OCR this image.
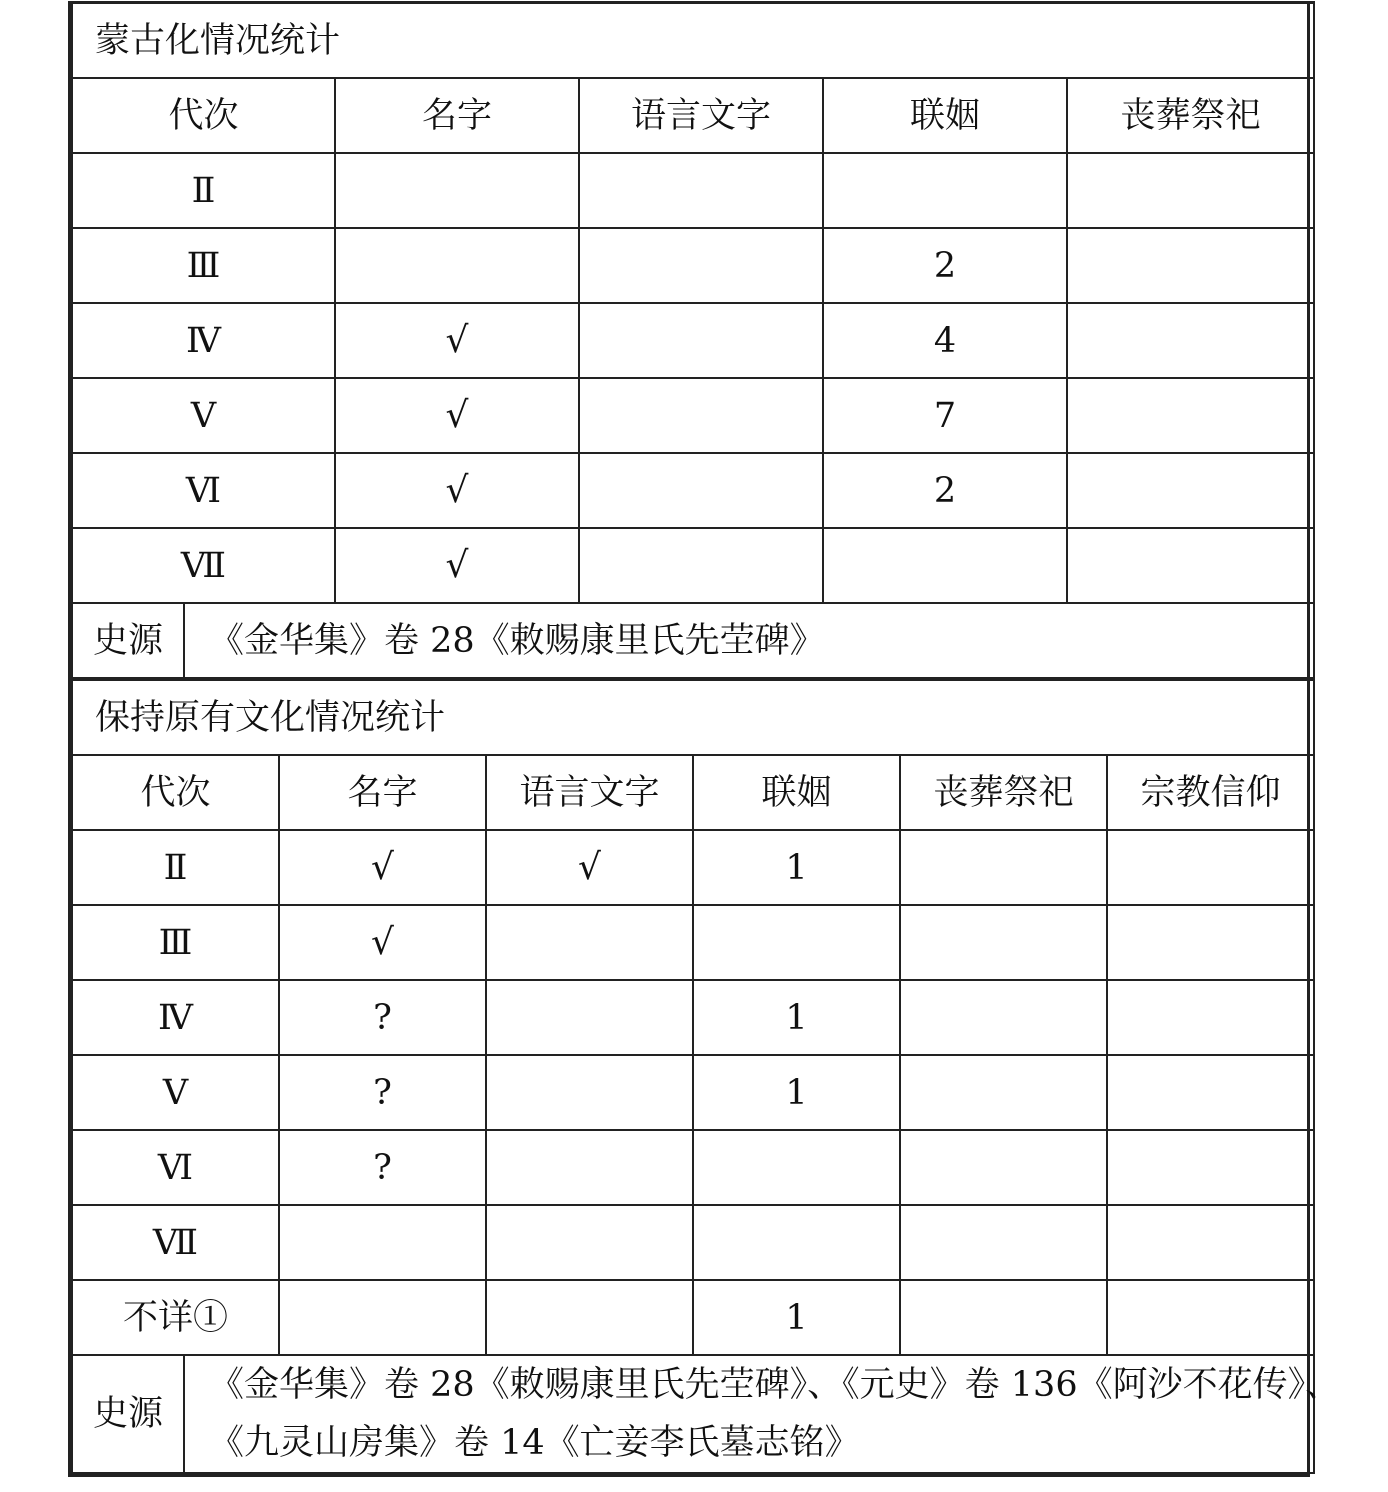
蒙古化情况统计					
代次		名字	语言文字	联姻	丧葬祭祀
Ⅱ					
Ⅲ				2	
Ⅳ		√		4	
Ⅴ		√		7	
Ⅵ		√		2	
Ⅶ		√			
史源	《金华集》卷 28《敕赐康里氏先茔碑》				
保持原有文化情况统计						
代次		名字	语言文字	联姻	丧葬祭祀	宗教信仰
Ⅱ		√	√	1		
Ⅲ		√				
Ⅳ		?		1		
Ⅴ		?		1		
Ⅵ		?				
Ⅶ						
不详①				1		
史源	《金华集》卷 28《敕赐康里氏先茔碑》、《元史》卷 136《阿沙不花传》、
《九灵山房集》卷 14《亡妾李氏墓志铭》					
